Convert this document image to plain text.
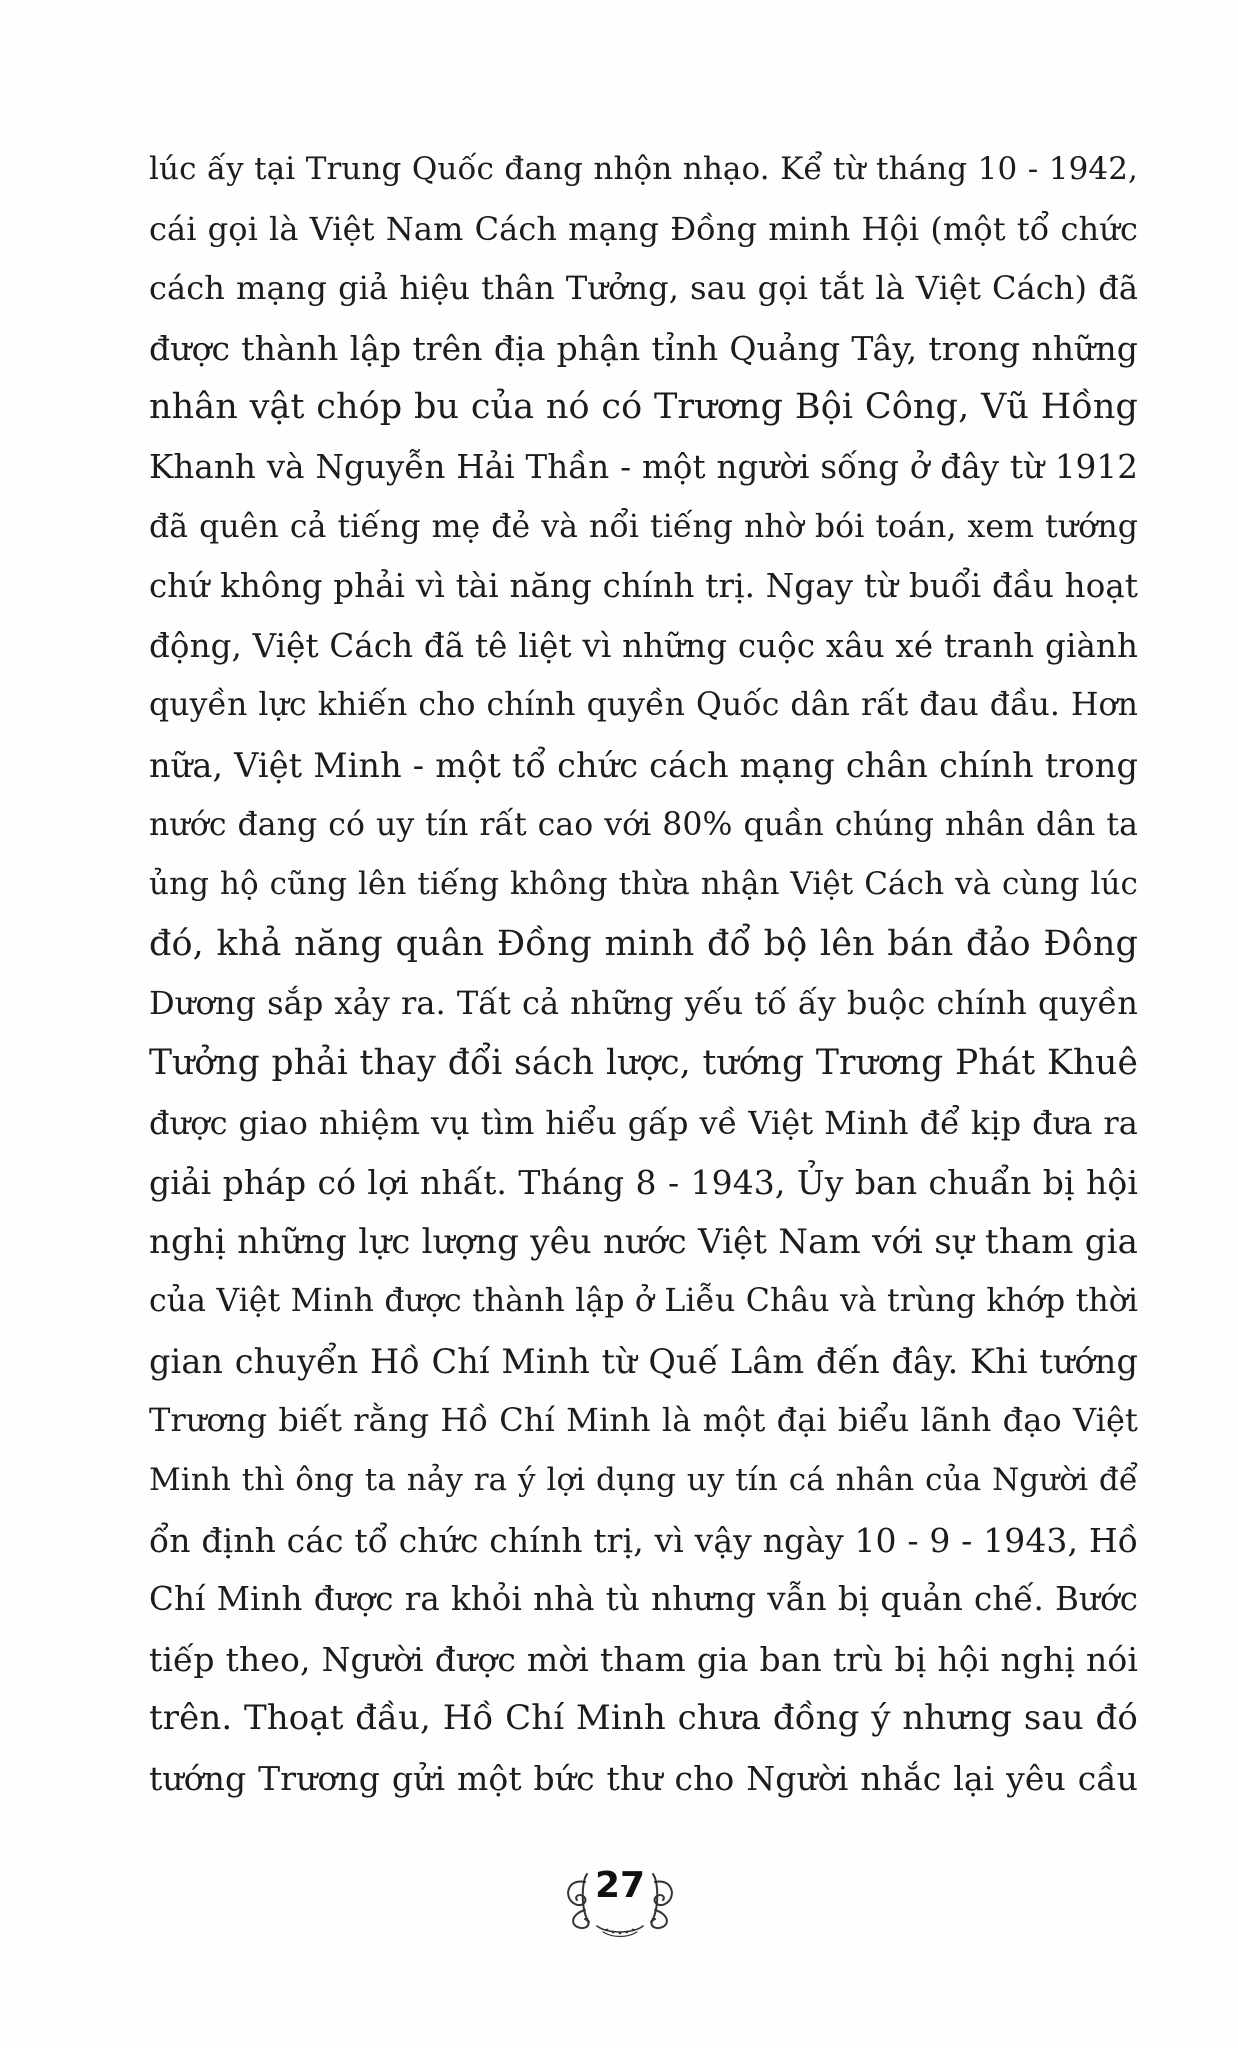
lúc ấy tại Trung Quốc đang nhộn nhạo. Kể từ tháng 10 - 1942,
cái gọi là Việt Nam Cách mạng Đồng minh Hội (một tổ chức
cách mạng giả hiệu thân Tưởng, sau gọi tắt là Việt Cách) đã
được thành lập trên địa phận tỉnh Quảng Tây, trong những
nhân vật chóp bu của nó có Trương Bội Công, Vũ Hồng
Khanh và Nguyễn Hải Thần - một người sống ở đây từ 1912
đã quên cả tiếng mẹ đẻ và nổi tiếng nhờ bói toán, xem tướng
chứ không phải vì tài năng chính trị. Ngay từ buổi đầu hoạt
động, Việt Cách đã tê liệt vì những cuộc xâu xé tranh giành
quyền lực khiến cho chính quyền Quốc dân rất đau đầu. Hơn
nữa, Việt Minh - một tổ chức cách mạng chân chính trong
nước đang có uy tín rất cao với 80% quần chúng nhân dân ta
ủng hộ cũng lên tiếng không thừa nhận Việt Cách và cùng lúc
đó, khả năng quân Đồng minh đổ bộ lên bán đảo Đông
Dương sắp xảy ra. Tất cả những yếu tố ấy buộc chính quyền
Tưởng phải thay đổi sách lược, tướng Trương Phát Khuê
được giao nhiệm vụ tìm hiểu gấp về Việt Minh để kịp đưa ra
giải pháp có lợi nhất. Tháng 8 - 1943, Ủy ban chuẩn bị hội
nghị những lực lượng yêu nước Việt Nam với sự tham gia
của Việt Minh được thành lập ở Liễu Châu và trùng khớp thời
gian chuyển Hồ Chí Minh từ Quế Lâm đến đây. Khi tướng
Trương biết rằng Hồ Chí Minh là một đại biểu lãnh đạo Việt
Minh thì ông ta nảy ra ý lợi dụng uy tín cá nhân của Người để
ổn định các tổ chức chính trị, vì vậy ngày 10 - 9 - 1943, Hồ
Chí Minh được ra khỏi nhà tù nhưng vẫn bị quản chế. Bước
tiếp theo, Người được mời tham gia ban trù bị hội nghị nói
trên. Thoạt đầu, Hồ Chí Minh chưa đồng ý nhưng sau đó
tướng Trương gửi một bức thư cho Người nhắc lại yêu cầu
27
